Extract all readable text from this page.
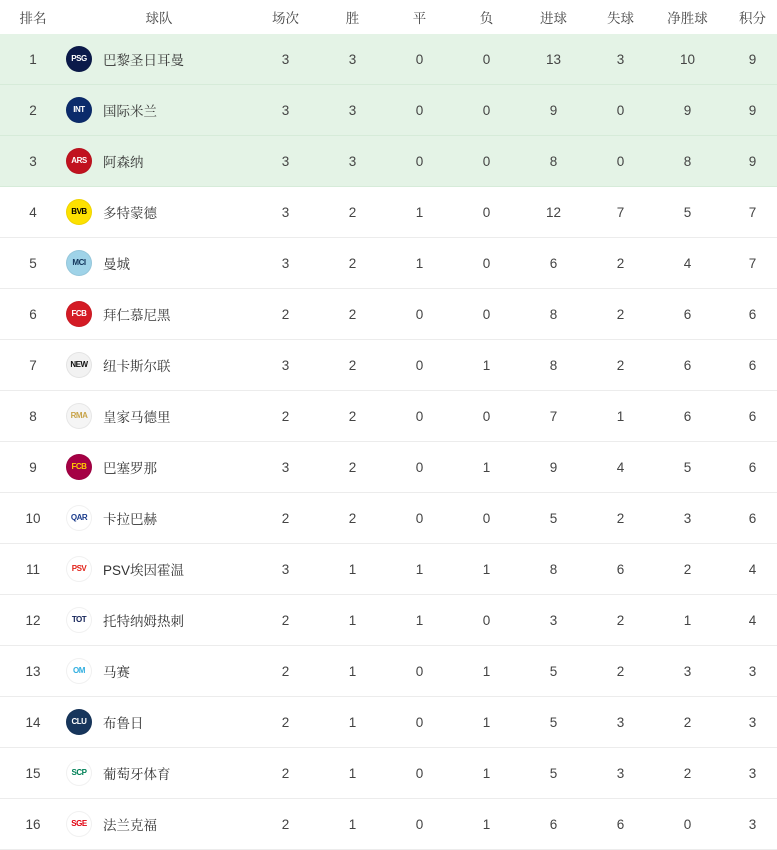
排名	球队	场次	胜	平	负	进球	失球	净胜球	积分
1	PSG 巴黎圣日耳曼	3	3	0	0	13	3	10	9
2	INT 国际米兰	3	3	0	0	9	0	9	9
3	ARS 阿森纳	3	3	0	0	8	0	8	9
4	BVB 多特蒙德	3	2	1	0	12	7	5	7
5	MCI 曼城	3	2	1	0	6	2	4	7
6	FCB 拜仁慕尼黑	2	2	0	0	8	2	6	6
7	NEW 纽卡斯尔联	3	2	0	1	8	2	6	6
8	RMA 皇家马德里	2	2	0	0	7	1	6	6
9	FCB 巴塞罗那	3	2	0	1	9	4	5	6
10	QAR 卡拉巴赫	2	2	0	0	5	2	3	6
11	PSV PSV埃因霍温	3	1	1	1	8	6	2	4
12	TOT 托特纳姆热刺	2	1	1	0	3	2	1	4
13	OM 马赛	2	1	0	1	5	2	3	3
14	CLU 布鲁日	2	1	0	1	5	3	2	3
15	SCP 葡萄牙体育	2	1	0	1	5	3	2	3
16	SGE 法兰克福	2	1	0	1	6	6	0	3
